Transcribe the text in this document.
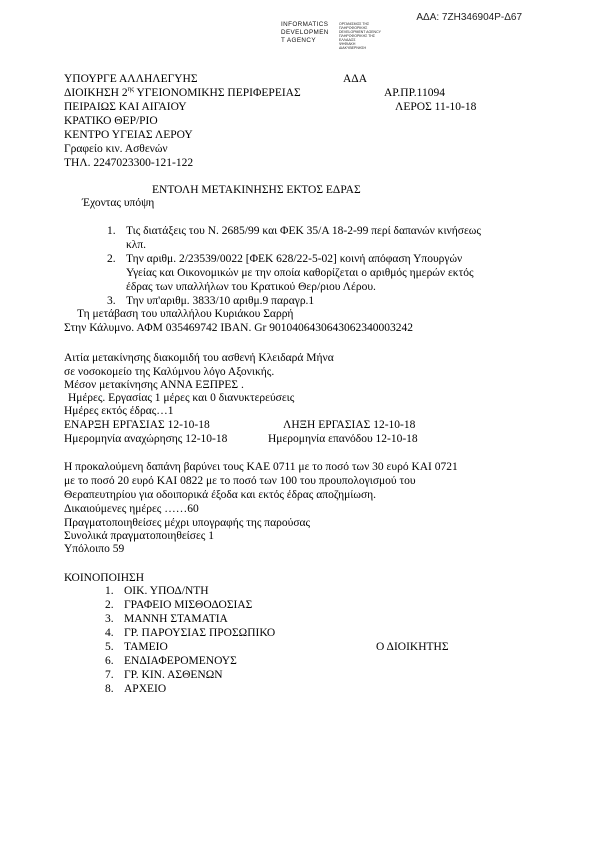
ΑΔΑ: 7ΖΗ346904Ρ-Δ67
INFORMATICS
DEVELOPMEN
T AGENCY
ΟΡΓΑΝΙΣΜΟΣ ΤΗΣ
ΠΛΗΡΟΦΟΡΙΚΗΣ
DEVELOPMENT AGENCY
ΠΛΗΡΟΦΟΡΙΚΗΣ ΤΗΣ
ΕΛΛΑΔΟΣ
ΨΗΦΙΑΚΗ
ΔΙΑΚΥΒΕΡΝΗΣΗ
ΥΠΟΥΡΓΕ ΑΛΛΗΛΕΓΥΗΣ	ΑΔΑ
ΔΙΟΙΚΗΣΗ $2^{\eta\varsigma}$ ΥΓΕΙΟΝΟΜΙΚΗΣ ΠΕΡΙΦΕΡΕΙΑΣ	ΑΡ.ΠΡ.11094
ΠΕΙΡΑΙΩΣ ΚΑΙ ΑΙΓΑΙΟΥ	ΛΕΡΟΣ 11-10-18
ΚΡΑΤΙΚΟ ΘΕΡ/ΡΙΟ
ΚΕΝΤΡΟ ΥΓΕΙΑΣ ΛΕΡΟΥ
Γραφείο κιν. Ασθενών
ΤΗΛ. 2247023300-121-122
ΕΝΤΟΛΗ ΜΕΤΑΚΙΝΗΣΗΣ ΕΚΤΟΣ ΕΔΡΑΣ
Έχοντας υπόψη
1. Τις διατάξεις του Ν. 2685/99 και ΦΕΚ 35/Α 18-2-99 περί δαπανών κινήσεως
κλπ.
2. Την αριθμ. 2/23539/0022 [ΦΕΚ 628/22-5-02] κοινή απόφαση Υπουργών
Υγείας και Οικονομικών με την οποία καθορίζεται ο αριθμός ημερών εκτός
έδρας των υπαλλήλων του Κρατικού Θερ/ριου Λέρου.
3. Την υπ'αριθμ. 3833/10 αριθμ.9 παραγρ.1
Τη μετάβαση του υπαλλήλου Κυριάκου Σαρρή
Στην Κάλυμνο. ΑΦΜ 035469742 ΙΒΑΝ. Gr 9010406430643062340003242
Αιτία μετακίνησης διακομιδή του ασθενή Κλειδαρά Μήνα
σε νοσοκομείο της Καλύμνου λόγο Αξονικής.
Μέσον μετακίνησης ΑΝΝΑ ΕΞΠΡΕΣ .
Ημέρες. Εργασίας 1 μέρες και 0 διανυκτερεύσεις
Ημέρες εκτός έδρας…1
ΕΝΑΡΞΗ ΕΡΓΑΣΙΑΣ 12-10-18	ΛΗΞΗ ΕΡΓΑΣΙΑΣ 12-10-18
Ημερομηνία αναχώρησης 12-10-18	Ημερομηνία επανόδου 12-10-18
Η προκαλούμενη δαπάνη βαρύνει τους ΚΑΕ 0711 με το ποσό των 30 ευρό ΚΑΙ 0721
με το ποσό 20 ευρό ΚΑΙ 0822 με το ποσό των 100 του προυπολογισμού του
Θεραπευτηρίου για οδοιπορικά έξοδα και εκτός έδρας αποζημίωση.
Δικαιούμενες ημέρες ……60
Πραγματοποιηθείσες μέχρι υπογραφής της παρούσας
Συνολικά πραγματοποιηθείσες 1
Υπόλοιπο 59
ΚΟΙΝΟΠΟΙΗΣΗ
1. ΟΙΚ. ΥΠΟΔ/ΝΤΗ
2. ΓΡΑΦΕΙΟ ΜΙΣΘΟΔΟΣΙΑΣ
3. ΜΑΝΝΗ ΣΤΑΜΑΤΙΑ
4. ΓΡ. ΠΑΡΟΥΣΙΑΣ ΠΡΟΣΩΠΙΚΟ
5. ΤΑΜΕΙΟ
6. ΕΝΔΙΑΦΕΡΟΜΕΝΟΥΣ
7. ΓΡ. ΚΙΝ. ΑΣΘΕΝΩΝ
8. ΑΡΧΕΙΟ
Ο ΔΙΟΙΚΗΤΗΣ
